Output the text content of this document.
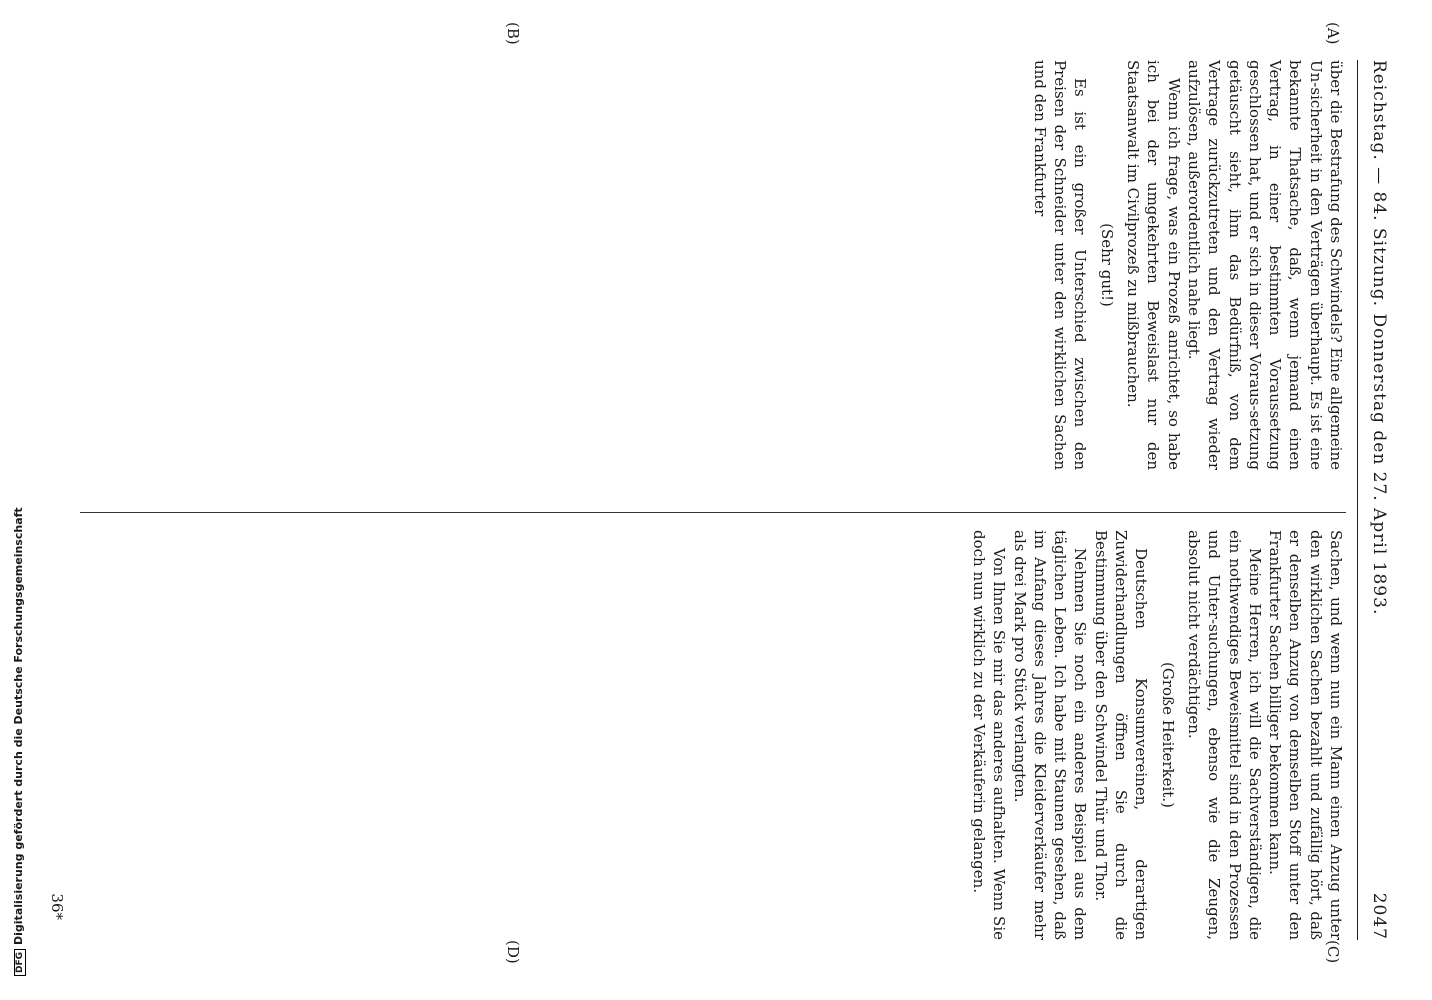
Reichstag. — 84. Sitzung. Donnerstag den 27. April 1893.
2047
(A)
(B)
(C)
(D)

über die Bestrafung des Schwindels? Eine allgemeine Un-sicherheit in den Verträgen überhaupt. Es ist eine bekannte Thatsache, daß, wenn jemand einen Vertrag, in einer bestimmten Voraussetzung geschlossen hat, und er sich in dieser Voraus-setzung getäuscht sieht, ihm das Bedürfniß, von dem Vertrage zurückzutreten und den Vertrag wieder aufzulösen, außerordentlich nahe liegt.

Wenn ich frage, was ein Prozeß anrichtet, so habe ich bei der umgekehrten Beweislast nur den Staatsanwalt im Civilprozeß zu mißbrauchen.

(Sehr gut!)

Es ist ein großer Unterschied zwischen den Preisen der Schneider unter den wirklichen Sachen und den Frankfurter

Sachen, und wenn nun ein Mann einen Anzug unter den wirklichen Sachen bezahlt und zufällig hört, daß er denselben Anzug von demselben Stoff unter den Frankfurter Sachen billiger bekommen kann.

Meine Herren, ich will die Sachverständigen, die ein nothwendiges Beweismittel sind in den Prozessen und Unter-suchungen, ebenso wie die Zeugen, absolut nicht verdächtigen.

(Große Heiterkeit.)

Deutschen Konsumvereinen, derartigen Zuwiderhandlungen öffnen Sie durch die Bestimmung über den Schwindel Thür und Thor.

Nehmen Sie noch ein anderes Beispiel aus dem täglichen Leben. Ich habe mit Staunen gesehen, daß im Anfang dieses Jahres die Kleiderverkäufer mehr als drei Mark pro Stück verlangten.

Von Ihnen Sie mir das anderes aufhalten. Wenn Sie doch nun wirklich zu der Verkäuferin gelangen.

36*
DFGDigitalisierung gefördert durch die Deutsche Forschungsgemeinschaft
